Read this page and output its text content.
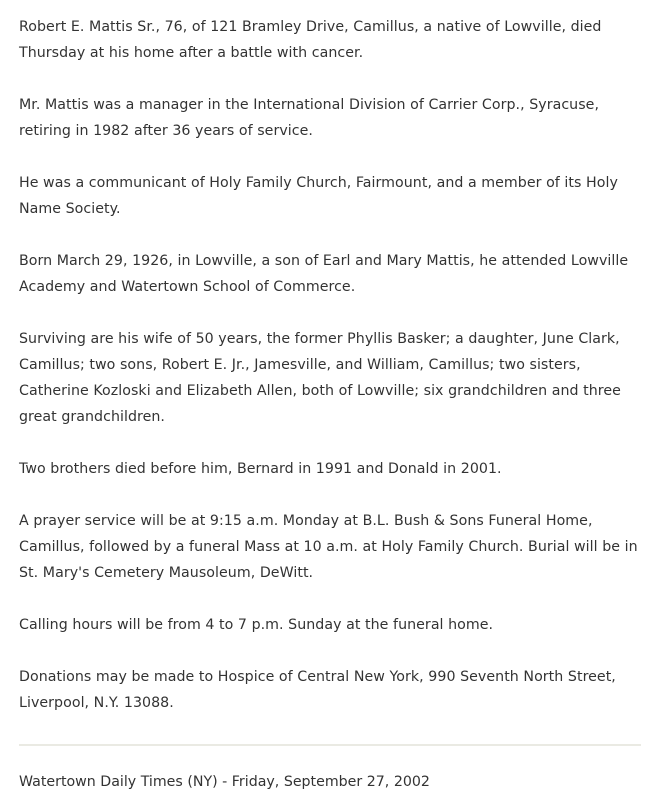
Robert E. Mattis Sr., 76, of 121 Bramley Drive, Camillus, a native of Lowville, died Thursday at his home after a battle with cancer.

Mr. Mattis was a manager in the International Division of Carrier Corp., Syracuse, retiring in 1982 after 36 years of service.

He was a communicant of Holy Family Church, Fairmount, and a member of its Holy Name Society.

Born March 29, 1926, in Lowville, a son of Earl and Mary Mattis, he attended Lowville Academy and Watertown School of Commerce.

Surviving are his wife of 50 years, the former Phyllis Basker; a daughter, June Clark, Camillus; two sons, Robert E. Jr., Jamesville, and William, Camillus; two sisters, Catherine Kozloski and Elizabeth Allen, both of Lowville; six grandchildren and three great grandchildren.

Two brothers died before him, Bernard in 1991 and Donald in 2001.

A prayer service will be at 9:15 a.m. Monday at B.L. Bush & Sons Funeral Home, Camillus, followed by a funeral Mass at 10 a.m. at Holy Family Church. Burial will be in St. Mary's Cemetery Mausoleum, DeWitt.

Calling hours will be from 4 to 7 p.m. Sunday at the funeral home.

Donations may be made to Hospice of Central New York, 990 Seventh North Street, Liverpool, N.Y. 13088.

Watertown Daily Times (NY) - Friday, September 27, 2002
